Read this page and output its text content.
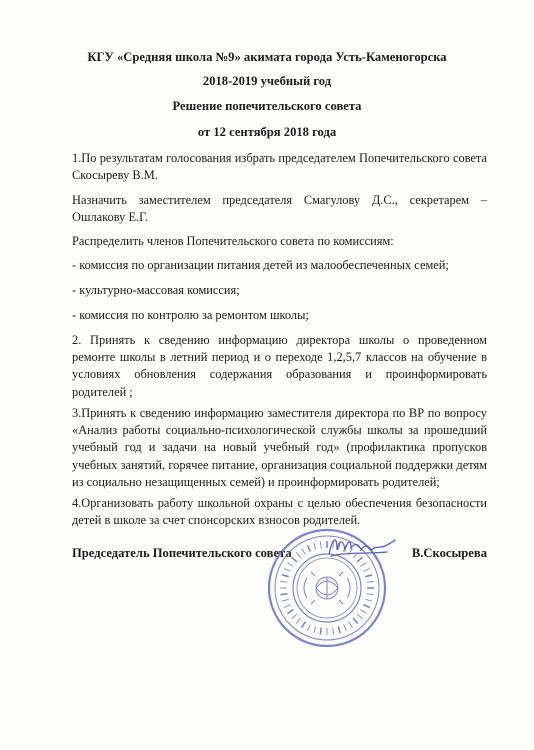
КГУ «Средняя школа №9» акимата города Усть-Каменогорска

2018-2019 учебный год

Решение попечительского совета

от 12 сентября 2018 года

1.По результатам голосования избрать председателем Попечительского совета Скосыреву В.М.

Назначить заместителем председателя Смагулову Д.С., секретарем – Ошлакову Е.Г.

Распределить членов Попечительского совета по комиссиям:

- комиссия по организации питания детей из малообеспеченных семей;

- культурно-массовая комиссия;

- комиссия по контролю за ремонтом школы;

2. Принять к сведению информацию директора школы о проведенном ремонте школы в летний период и о переходе 1,2,5,7 классов на обучение в условиях обновления содержания образования и проинформировать родителей ;

3.Принять к сведению информацию заместителя директора по ВР по вопросу «Анализ работы социально-психологической службы школы за прошедший учебный год и задачи на новый учебный год» (профилактика пропусков учебных занятий, горячее питание, организация социальной поддержки детям из социально незащищенных семей) и проинформировать родителей;

4.Организовать работу школьной охраны с целью обеспечения безопасности детей в школе за счет спонсорских взносов родителей.

Председатель Попечительского совета	В.Скосырева
